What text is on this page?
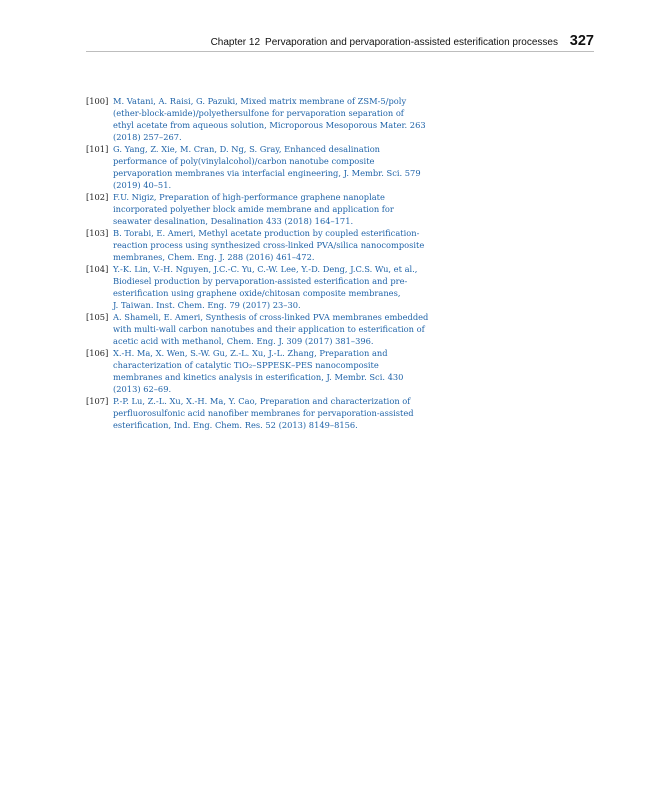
Chapter 12 Pervaporation and pervaporation-assisted esterification processes 327
[100] M. Vatani, A. Raisi, G. Pazuki, Mixed matrix membrane of ZSM-5/poly
(ether-block-amide)/polyethersulfone for pervaporation separation of
ethyl acetate from aqueous solution, Microporous Mesoporous Mater. 263
(2018) 257–267.
[101] G. Yang, Z. Xie, M. Cran, D. Ng, S. Gray, Enhanced desalination
performance of poly(vinylalcohol)/carbon nanotube composite
pervaporation membranes via interfacial engineering, J. Membr. Sci. 579
(2019) 40–51.
[102] F.U. Nigiz, Preparation of high-performance graphene nanoplate
incorporated polyether block amide membrane and application for
seawater desalination, Desalination 433 (2018) 164–171.
[103] B. Torabi, E. Ameri, Methyl acetate production by coupled esterification-
reaction process using synthesized cross-linked PVA/silica nanocomposite
membranes, Chem. Eng. J. 288 (2016) 461–472.
[104] Y.-K. Lin, V.-H. Nguyen, J.C.-C. Yu, C.-W. Lee, Y.-D. Deng, J.C.S. Wu, et al.,
Biodiesel production by pervaporation-assisted esterification and pre-
esterification using graphene oxide/chitosan composite membranes,
J. Taiwan. Inst. Chem. Eng. 79 (2017) 23–30.
[105] A. Shameli, E. Ameri, Synthesis of cross-linked PVA membranes embedded
with multi-wall carbon nanotubes and their application to esterification of
acetic acid with methanol, Chem. Eng. J. 309 (2017) 381–396.
[106] X.-H. Ma, X. Wen, S.-W. Gu, Z.-L. Xu, J.-L. Zhang, Preparation and
characterization of catalytic TiO₂–SPPESK–PES nanocomposite
membranes and kinetics analysis in esterification, J. Membr. Sci. 430
(2013) 62–69.
[107] P.-P. Lu, Z.-L. Xu, X.-H. Ma, Y. Cao, Preparation and characterization of
perfluorosulfonic acid nanofiber membranes for pervaporation-assisted
esterification, Ind. Eng. Chem. Res. 52 (2013) 8149–8156.
